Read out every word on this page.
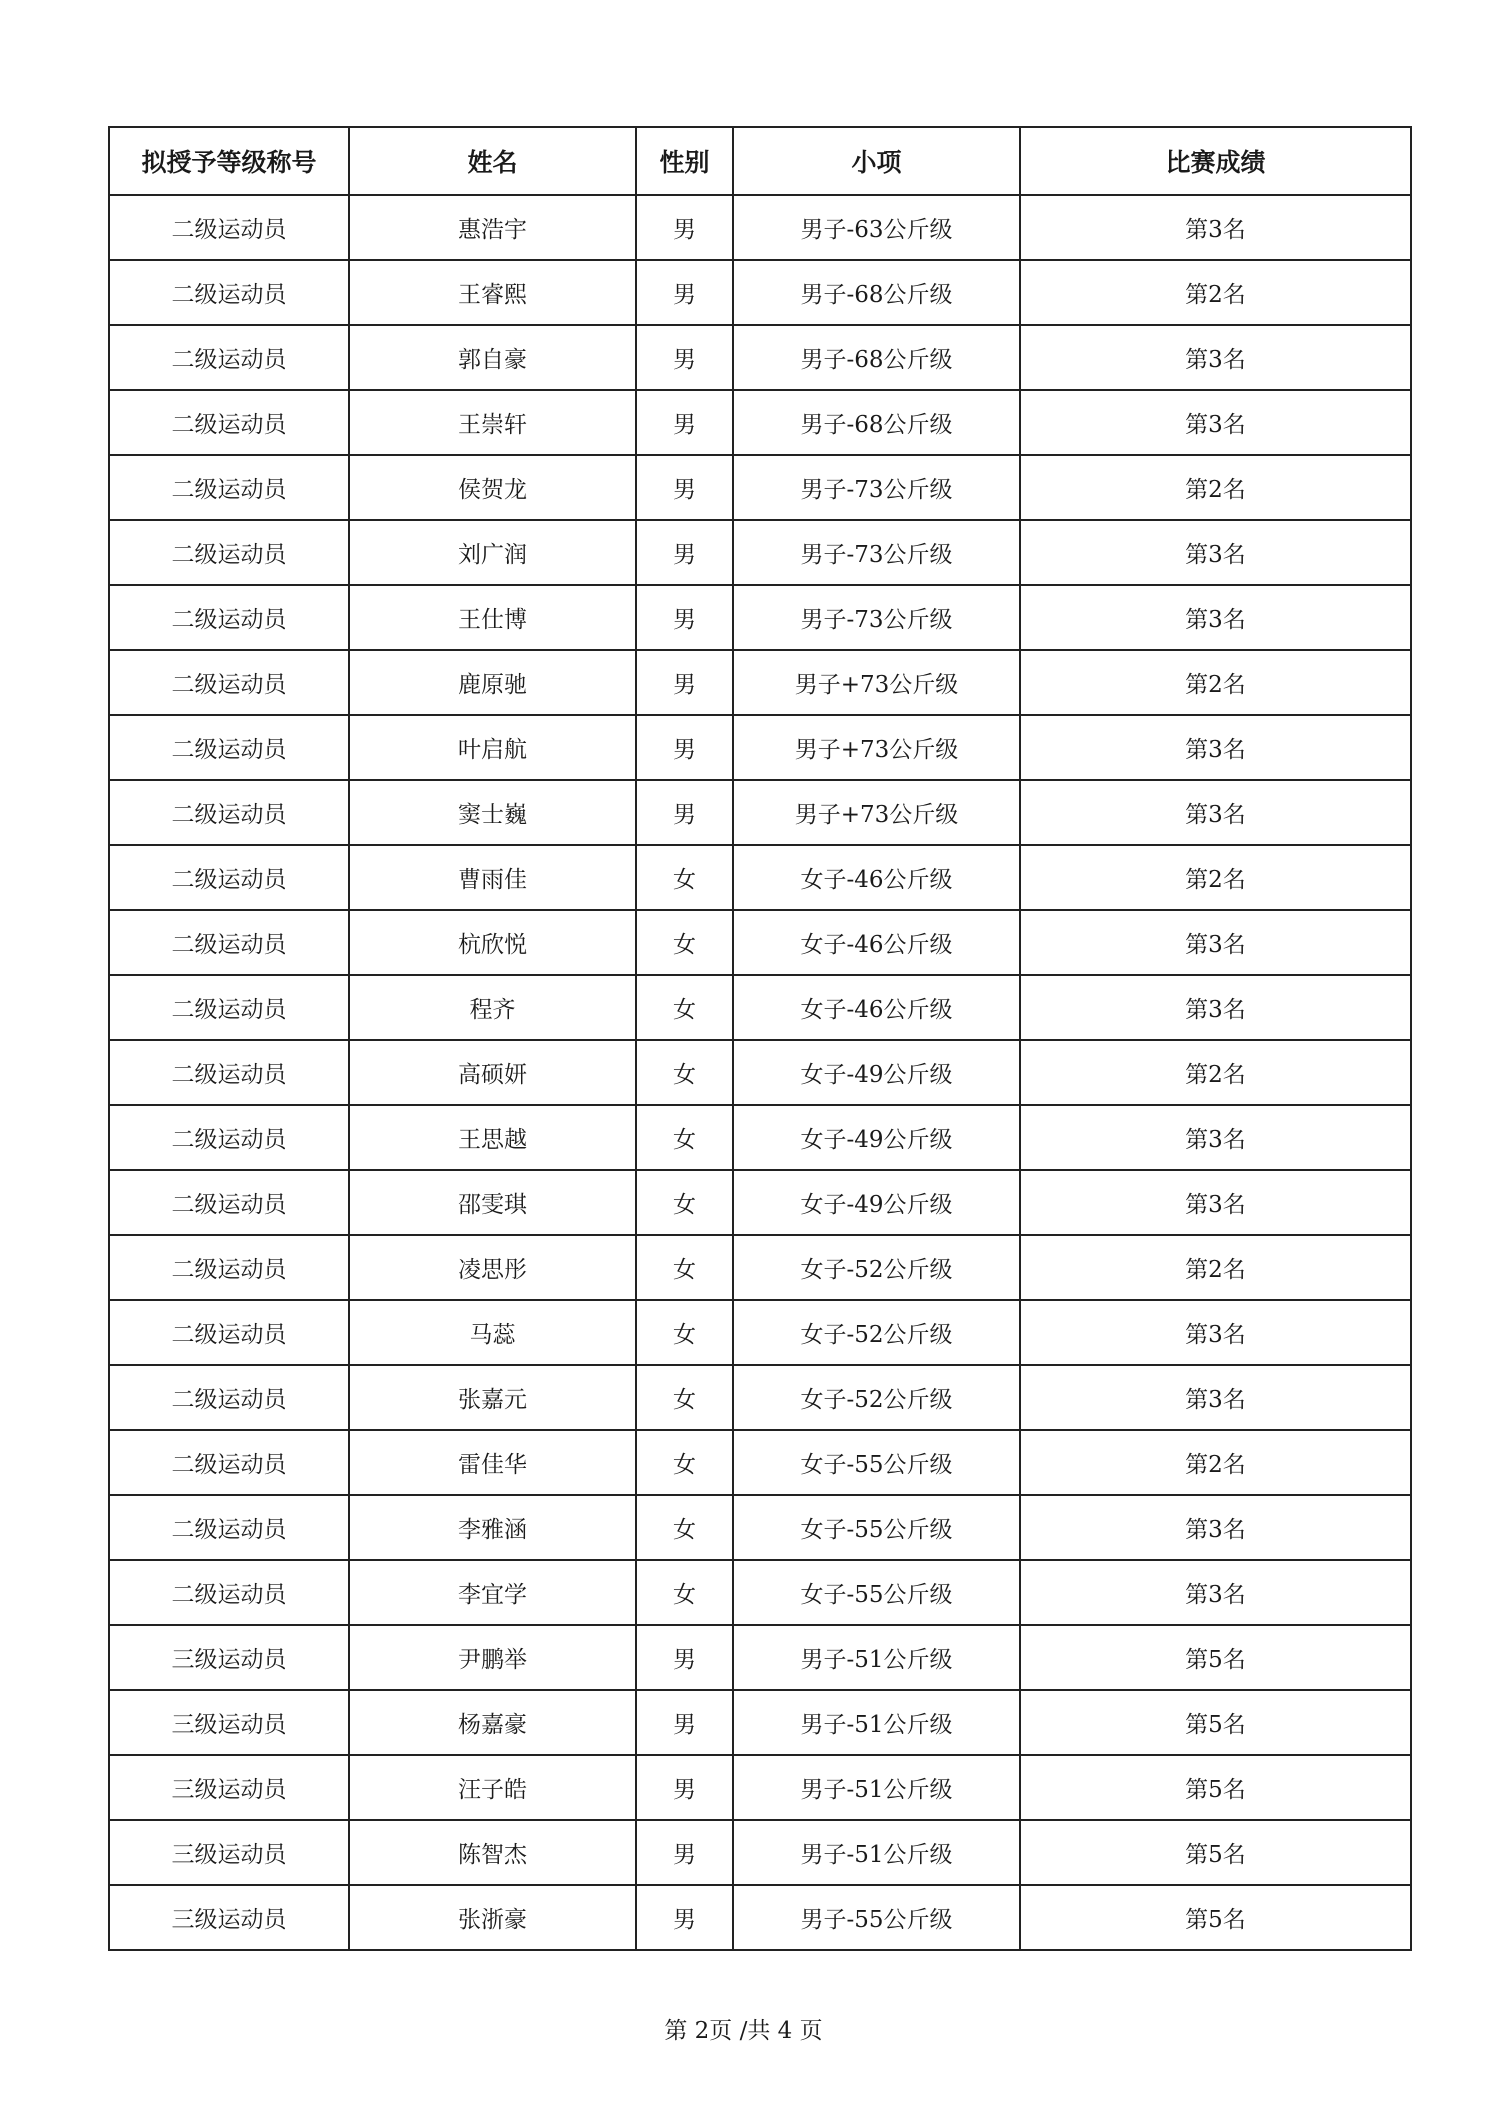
拟授予等级称号	姓名	性别	小项	比赛成绩
二级运动员	惠浩宇	男	男子-63公斤级	第3名
二级运动员	王睿熙	男	男子-68公斤级	第2名
二级运动员	郭自豪	男	男子-68公斤级	第3名
二级运动员	王崇轩	男	男子-68公斤级	第3名
二级运动员	侯贺龙	男	男子-73公斤级	第2名
二级运动员	刘广润	男	男子-73公斤级	第3名
二级运动员	王仕博	男	男子-73公斤级	第3名
二级运动员	鹿原驰	男	男子+73公斤级	第2名
二级运动员	叶启航	男	男子+73公斤级	第3名
二级运动员	窦士巍	男	男子+73公斤级	第3名
二级运动员	曹雨佳	女	女子-46公斤级	第2名
二级运动员	杭欣悦	女	女子-46公斤级	第3名
二级运动员	程齐	女	女子-46公斤级	第3名
二级运动员	高硕妍	女	女子-49公斤级	第2名
二级运动员	王思越	女	女子-49公斤级	第3名
二级运动员	邵雯琪	女	女子-49公斤级	第3名
二级运动员	凌思彤	女	女子-52公斤级	第2名
二级运动员	马蕊	女	女子-52公斤级	第3名
二级运动员	张嘉元	女	女子-52公斤级	第3名
二级运动员	雷佳华	女	女子-55公斤级	第2名
二级运动员	李雅涵	女	女子-55公斤级	第3名
二级运动员	李宜学	女	女子-55公斤级	第3名
三级运动员	尹鹏举	男	男子-51公斤级	第5名
三级运动员	杨嘉豪	男	男子-51公斤级	第5名
三级运动员	汪子皓	男	男子-51公斤级	第5名
三级运动员	陈智杰	男	男子-51公斤级	第5名
三级运动员	张浙豪	男	男子-55公斤级	第5名
第 2页 /共 4 页
